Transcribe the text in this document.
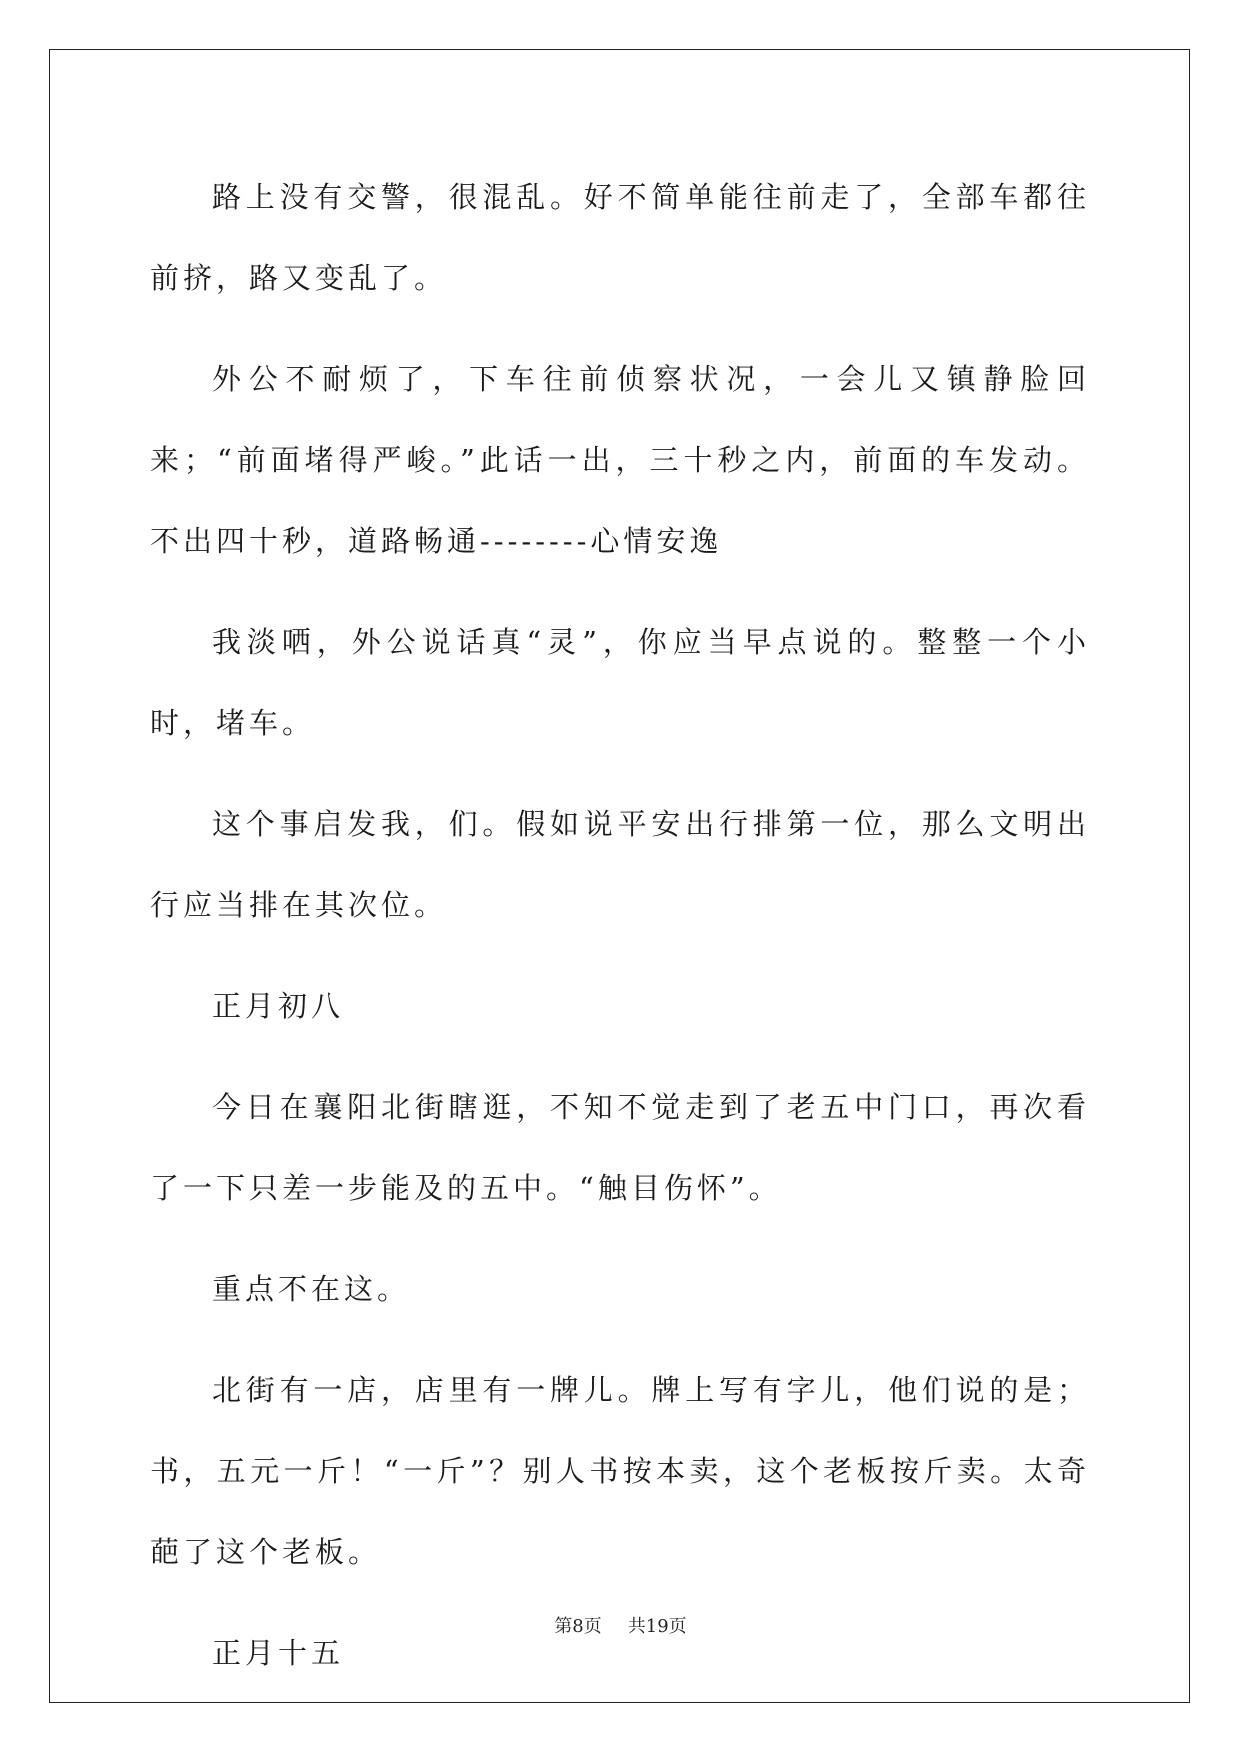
路上没有交警，很混乱。好不简单能往前走了，全部车都往前挤，路又变乱了。

外公不耐烦了，下车往前侦察状况，一会儿又镇静脸回来；“前面堵得严峻。”此话一出，三十秒之内，前面的车发动。不出四十秒，道路畅通--------心情安逸

我淡哂，外公说话真“灵”，你应当早点说的。整整一个小时，堵车。

这个事启发我，们。假如说平安出行排第一位，那么文明出行应当排在其次位。

正月初八

今日在襄阳北街瞎逛，不知不觉走到了老五中门口，再次看了一下只差一步能及的五中。“触目伤怀”。

重点不在这。

北街有一店，店里有一牌儿。牌上写有字儿，他们说的是；书，五元一斤！“一斤”？别人书按本卖，这个老板按斤卖。太奇葩了这个老板。

正月十五

第8页 共19页
